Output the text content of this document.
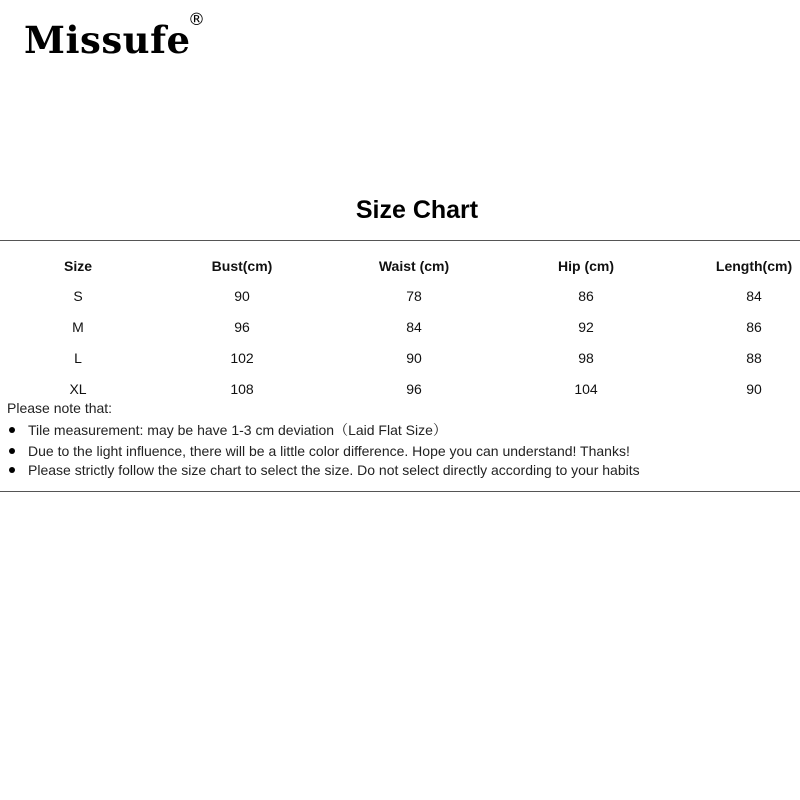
Missufe
®
Size Chart
Size	Bust(cm)	Waist (cm)	Hip (cm)	Length(cm)
S	90	78	86	84
M	96	84	92	86
L	102	90	98	88
XL	108	96	104	90
Please note that:
Tile measurement: may be have 1-3 cm deviation（Laid Flat Size）
Due to the light influence, there will be a little color difference. Hope you can understand! Thanks!
Please strictly follow the size chart to select the size. Do not select directly according to your habits
